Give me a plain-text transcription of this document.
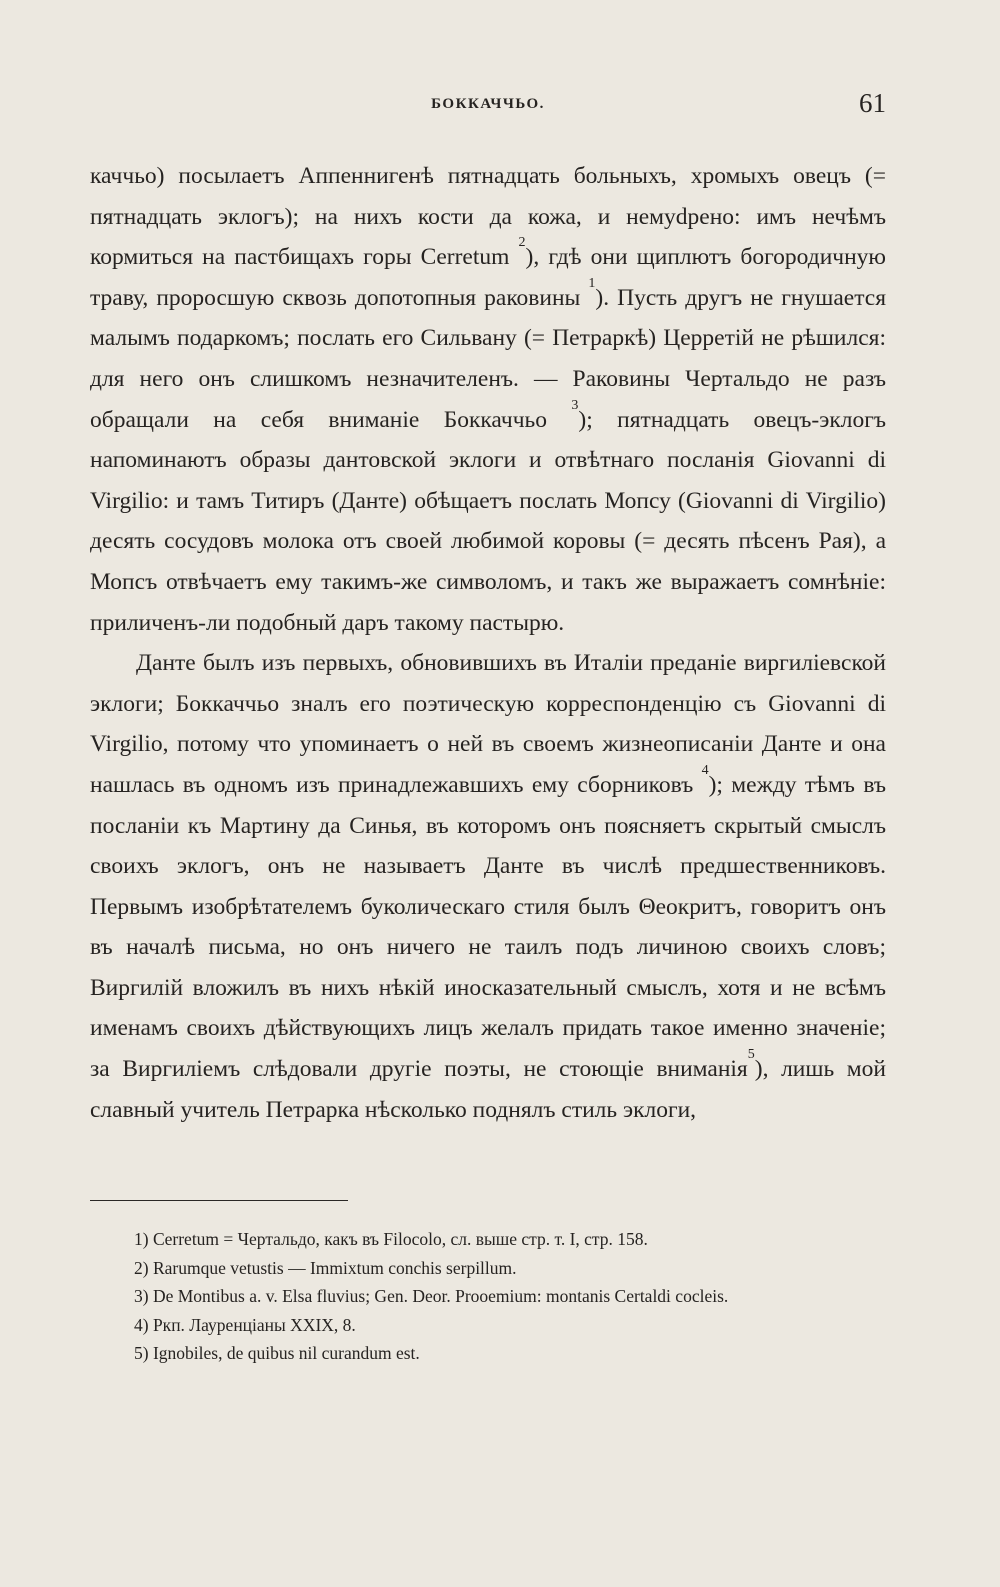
БОККАЧЧЬО.	61

каччьо) посылаетъ Аппеннигенѣ пятнадцать больныхъ, хромыхъ овецъ (= пятнадцать эклогъ); на нихъ кости да кожа, и немуdрено: имъ нечѣмъ кормиться на пастбищахъ горы Cerretum $^2$), гдѣ они щиплютъ богородичную траву, проросшую сквозь допотопныя раковины $^1$). Пусть другъ не гнушается малымъ подаркомъ; послать его Сильвану (= Петраркѣ) Церретій не рѣшился: для него онъ слишкомъ незначителенъ. — Раковины Чертальдо не разъ обращали на себя вниманіе Боккаччьо $^3$); пятнадцать овецъ-эклогъ напоминаютъ образы дантовской эклоги и отвѣтнаго посланія Giovanni di Virgilio: и тамъ Титиръ (Данте) обѣщаетъ послать Мопсу (Giovanni di Virgilio) десять сосудовъ молока отъ своей любимой коровы (= десять пѣсенъ Рая), а Мопсъ отвѣчаетъ ему такимъ-же символомъ, и такъ же выражаетъ сомнѣніе: приличенъ-ли подобный даръ такому пастырю.

Данте былъ изъ первыхъ, обновившихъ въ Италіи преданіе виргиліевской эклоги; Боккаччьо зналъ его поэтическую корреспонденцію съ Giovanni di Virgilio, потому что упоминаетъ о ней въ своемъ жизнеописаніи Данте и она нашлась въ одномъ изъ принадлежавшихъ ему сборниковъ $^4$); между тѣмъ въ посланіи къ Мартину да Синья, въ которомъ онъ поясняетъ скрытый смыслъ своихъ эклогъ, онъ не называетъ Данте въ числѣ предшественниковъ. Первымъ изобрѣтателемъ буколическаго стиля былъ Θеокритъ, говоритъ онъ въ началѣ письма, но онъ ничего не таилъ подъ личиною своихъ словъ; Виргилій вложилъ въ нихъ нѣкій иносказательный смыслъ, хотя и не всѣмъ именамъ своихъ дѣйствующихъ лицъ желалъ придать такое именно значеніе; за Виргиліемъ слѣдовали другіе поэты, не стоющіе вниманія$^5$), лишь мой славный учитель Петрарка нѣсколько поднялъ стиль эклоги,

1) Cerretum = Чертальдо, какъ въ Filocolo, сл. выше стр. т. I, стр. 158.
2) Rarumque vetustis — Immixtum conchis serpillum.
3) De Montibus a. v. Elsa fluvius; Gen. Deor. Prooemium: montanis Certaldi cocleis.
4) Ркп. Лауренціаны XXIX, 8.
5) Ignobiles, de quibus nil curandum est.
